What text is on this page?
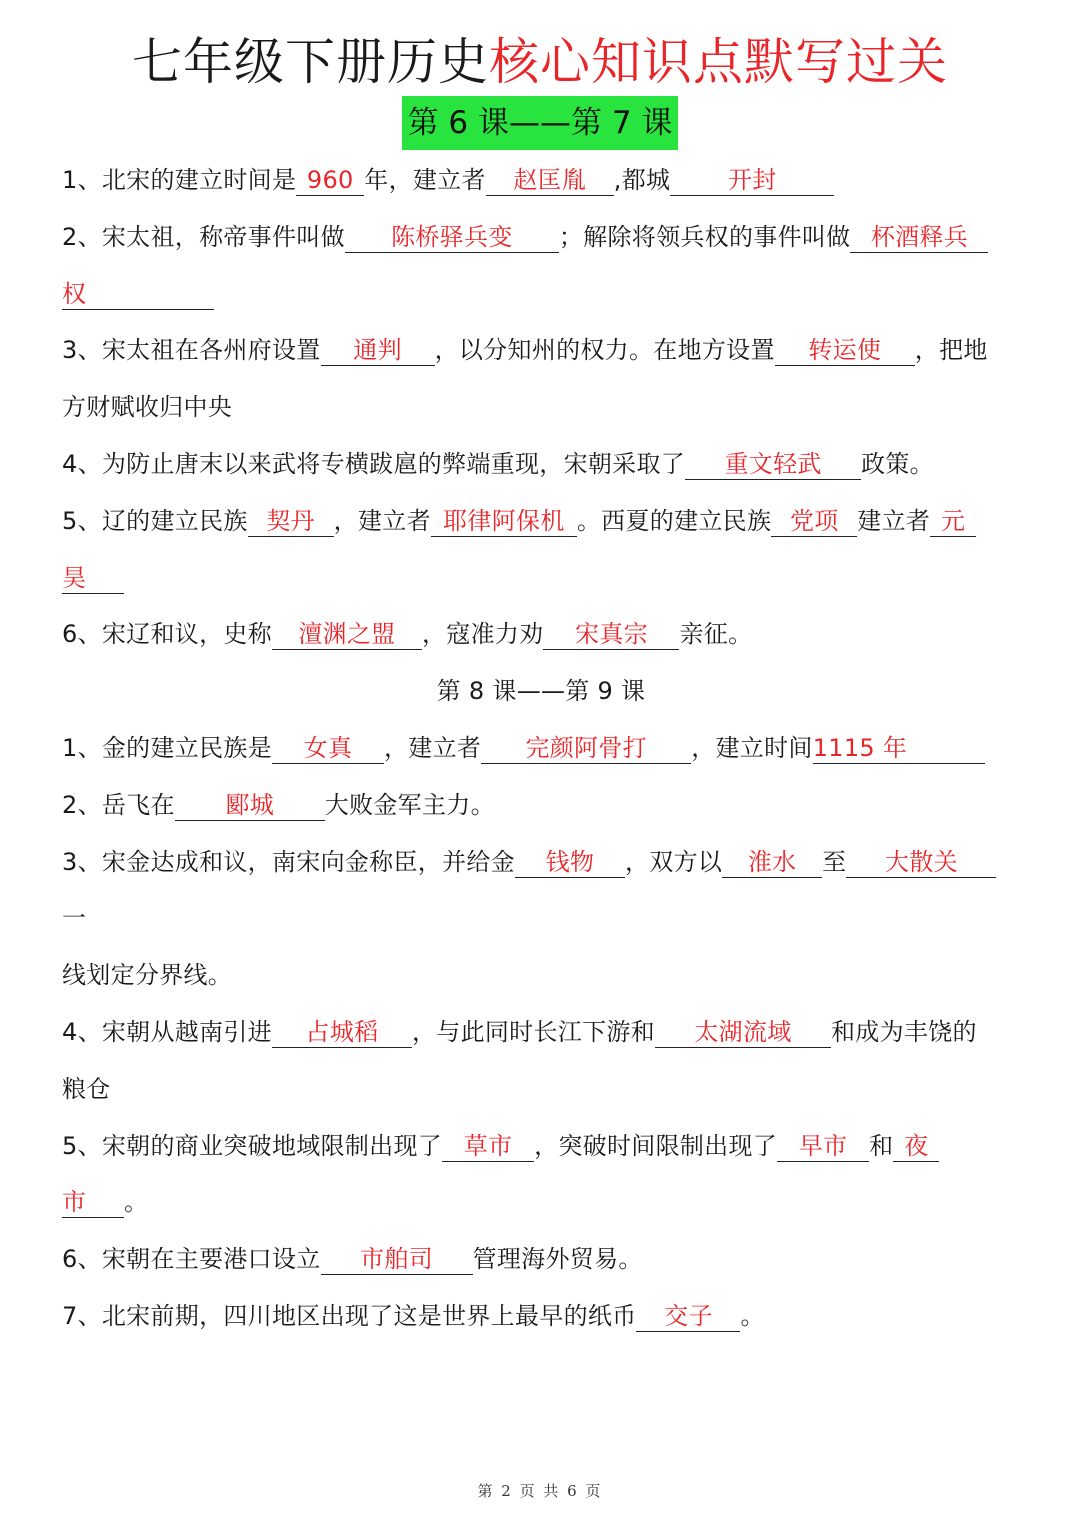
七年级下册历史核心知识点默写过关
第 6 课——第 7 课

1、北宋的建立时间是 960 年，建立者 赵匡胤 ,都城 开封

2、宋太祖，称帝事件叫做 陈桥驿兵变 ；解除将领兵权的事件叫做 杯酒释兵

权

3、宋太祖在各州府设置 通判 ，以分知州的权力。在地方设置 转运使 ，把地

方财赋收归中央

4、为防止唐末以来武将专横跋扈的弊端重现，宋朝采取了 重文轻武 政策。

5、辽的建立民族 契丹 ，建立者 耶律阿保机 。西夏的建立民族 党项 建立者 元

昊

6、宋辽和议，史称 澶渊之盟 ，寇准力劝 宋真宗 亲征。

第 8 课——第 9 课

1、金的建立民族是 女真 ，建立者 完颜阿骨打 ，建立时间1115 年

2、岳飞在 郾城 大败金军主力。

3、宋金达成和议，南宋向金称臣，并给金 钱物 ，双方以 淮水 至 大散关一

线划定分界线。

4、宋朝从越南引进 占城稻 ，与此同时长江下游和 太湖流域 和成为丰饶的

粮仓

5、宋朝的商业突破地域限制出现了 草市 ，突破时间限制出现了 早市 和 夜

市 。

6、宋朝在主要港口设立 市舶司 管理海外贸易。

7、北宋前期，四川地区出现了这是世界上最早的纸币 交子 。

第 2 页 共 6 页
